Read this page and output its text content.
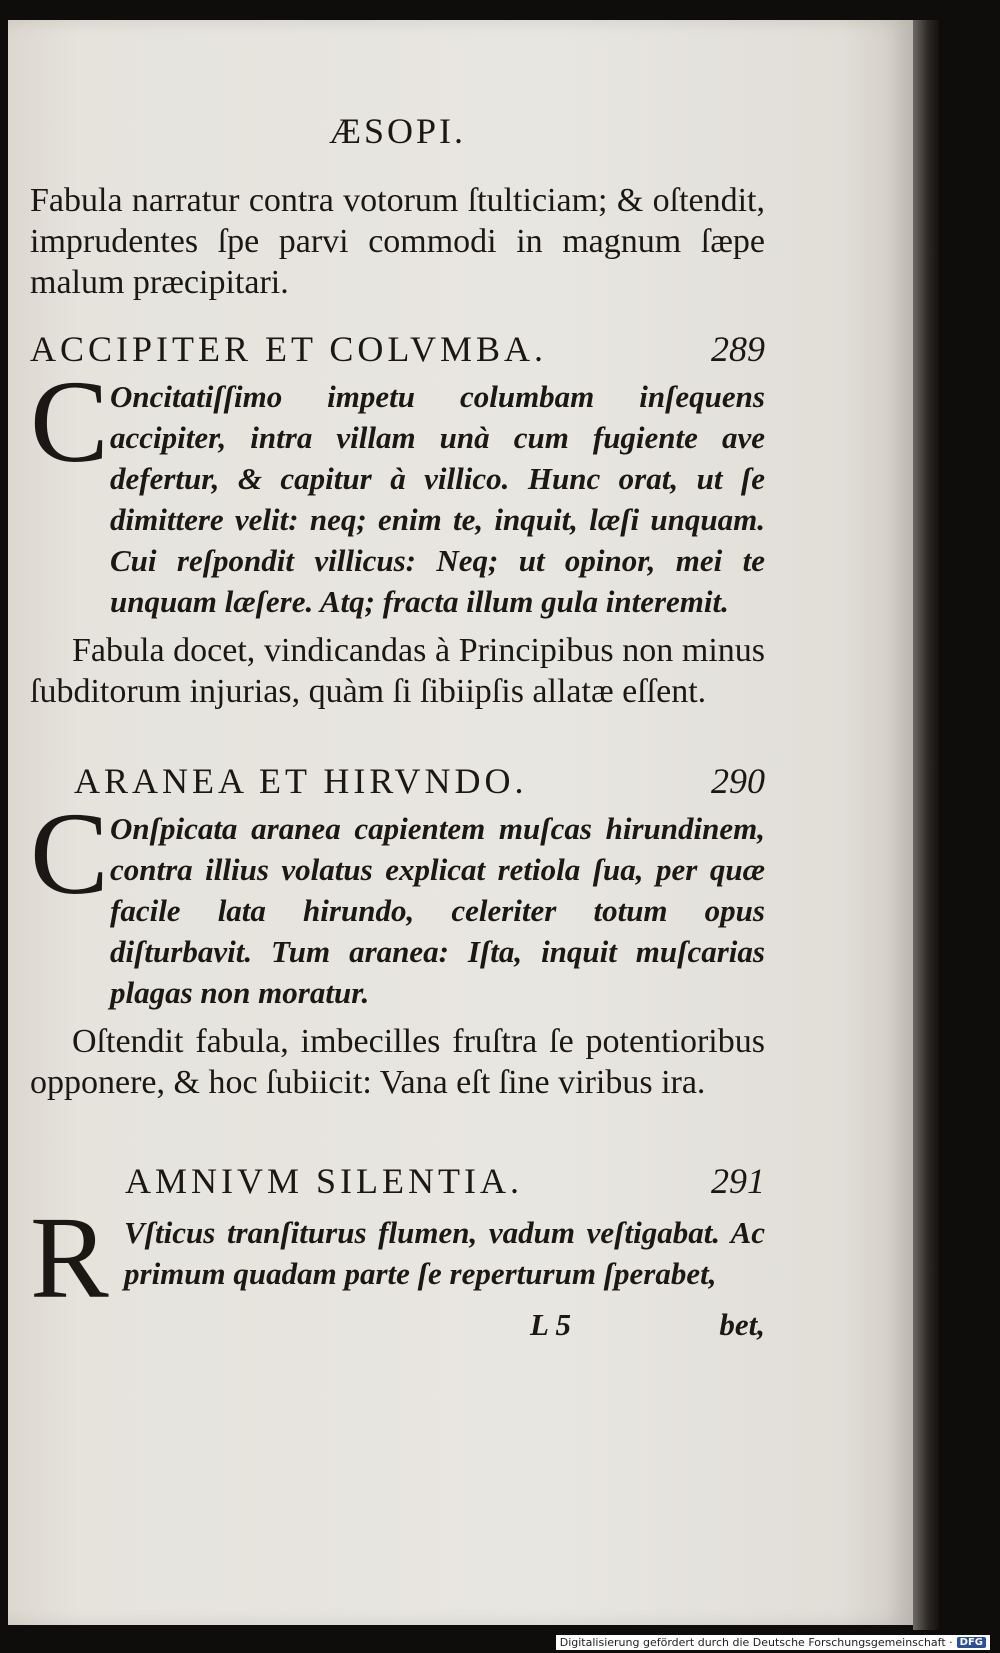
ÆSOPI.
Fabula narratur contra votorum ſtulticiam; & oſtendit, imprudentes ſpe parvi commodi in magnum ſæpe malum præcipitari.
ACCIPITER ET COLVMBA.	289
C Oncitatiſſimo impetu columbam inſequens accipiter, intra villam unà cum fugiente ave defertur, & capitur à villico. Hunc orat, ut ſe dimittere velit: neq; enim te, inquit, læſi unquam. Cui reſpondit villicus: Neq; ut opinor, mei te unquam læſere. Atq; fracta illum gula interemit.
Fabula docet, vindicandas à Principibus non minus ſubditorum injurias, quàm ſi ſibiipſis allatæ eſſent.
ARANEA ET HIRVNDO.	290
C Onſpicata aranea capientem muſcas hirundinem, contra illius volatus explicat retiola ſua, per quæ facile lata hirundo, celeriter totum opus diſturbavit. Tum aranea: Iſta, inquit muſcarias plagas non moratur.
Oſtendit fabula, imbecilles fruſtra ſe potentioribus opponere, & hoc ſubiicit: Vana eſt ſine viribus ira.
AMNIVM SILENTIA.	291
R Vſticus tranſiturus flumen, vadum veſtigabat. Ac primum quadam parte ſe reperturum ſperabet,
L 5	bet,
Digitalisierung gefördert durch die Deutsche Forschungsgemeinschaft · DFG
